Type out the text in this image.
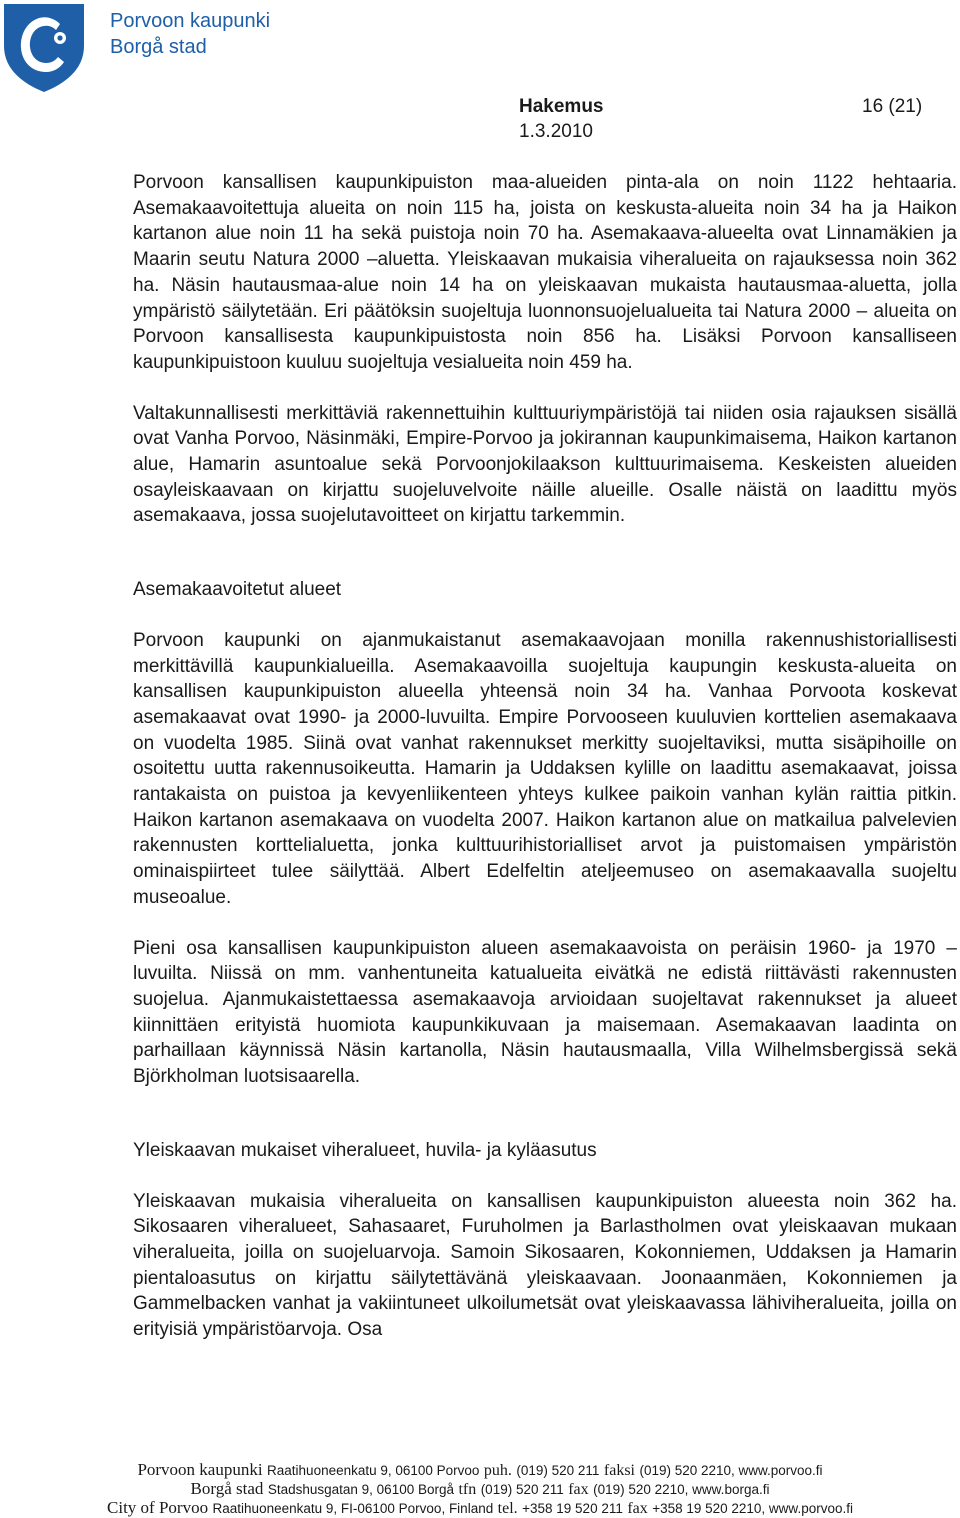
Porvoon kaupunki
Borgå stad
Hakemus	16 (21)
1.3.2010

Porvoon kansallisen kaupunkipuiston maa-alueiden pinta-ala on noin 1122 hehtaaria. Asemakaavoitettuja alueita on noin 115 ha, joista on keskusta-alueita noin 34 ha ja Haikon kartanon alue noin 11 ha sekä puistoja noin 70 ha. Asemakaava-alueelta ovat Linnamäkien ja Maarin seutu Natura 2000 –aluetta. Yleiskaavan mukaisia viheralueita on rajauksessa noin 362 ha. Näsin hautausmaa-alue noin 14 ha on yleiskaavan mukaista hautausmaa-aluetta, jolla ympäristö säilytetään. Eri päätöksin suojeltuja luonnonsuojelualueita tai Natura 2000 – alueita on Porvoon kansallisesta kaupunkipuistosta noin 856 ha. Lisäksi Porvoon kansalliseen kaupunkipuistoon kuuluu suojeltuja vesialueita noin 459 ha.

Valtakunnallisesti merkittäviä rakennettuihin kulttuuriympäristöjä tai niiden osia rajauksen sisällä ovat Vanha Porvoo, Näsinmäki, Empire-Porvoo ja jokirannan kaupunkimaisema, Haikon kartanon alue, Hamarin asuntoalue sekä Porvoonjokilaakson kulttuurimaisema. Keskeisten alueiden osayleiskaavaan on kirjattu suojeluvelvoite näille alueille. Osalle näistä on laadittu myös asemakaava, jossa suojelutavoitteet on kirjattu tarkemmin.

Asemakaavoitetut alueet

Porvoon kaupunki on ajanmukaistanut asemakaavojaan monilla rakennushistoriallisesti merkittävillä kaupunkialueilla. Asemakaavoilla suojeltuja kaupungin keskusta-alueita on kansallisen kaupunkipuiston alueella yhteensä noin 34 ha. Vanhaa Porvoota koskevat asemakaavat ovat 1990- ja 2000-luvuilta. Empire Porvooseen kuuluvien korttelien asemakaava on vuodelta 1985. Siinä ovat vanhat rakennukset merkitty suojeltaviksi, mutta sisäpihoille on osoitettu uutta rakennusoikeutta. Hamarin ja Uddaksen kylille on laadittu asemakaavat, joissa rantakaista on puistoa ja kevyenliikenteen yhteys kulkee paikoin vanhan kylän raittia pitkin. Haikon kartanon asemakaava on vuodelta 2007. Haikon kartanon alue on matkailua palvelevien rakennusten korttelialuetta, jonka kulttuurihistorialliset arvot ja puistomaisen ympäristön ominaispiirteet tulee säilyttää. Albert Edelfeltin ateljeemuseo on asemakaavalla suojeltu museoalue.

Pieni osa kansallisen kaupunkipuiston alueen asemakaavoista on peräisin 1960- ja 1970 – luvuilta. Niissä on mm. vanhentuneita katualueita eivätkä ne edistä riittävästi rakennusten suojelua. Ajanmukaistettaessa asemakaavoja arvioidaan suojeltavat rakennukset ja alueet kiinnittäen erityistä huomiota kaupunkikuvaan ja maisemaan. Asemakaavan laadinta on parhaillaan käynnissä Näsin kartanolla, Näsin hautausmaalla, Villa Wilhelmsbergissä sekä Björkholman luotsisaarella.

Yleiskaavan mukaiset viheralueet, huvila- ja kyläasutus

Yleiskaavan mukaisia viheralueita on kansallisen kaupunkipuiston alueesta noin 362 ha. Sikosaaren viheralueet, Sahasaaret, Furuholmen ja Barlastholmen ovat yleiskaavan mukaan viheralueita, joilla on suojeluarvoja. Samoin Sikosaaren, Kokonniemen, Uddaksen ja Hamarin pientaloasutus on kirjattu säilytettävänä yleiskaavaan. Joonaanmäen, Kokonniemen ja Gammelbacken vanhat ja vakiintuneet ulkoilumetsät ovat yleiskaavassa lähiviheralueita, joilla on erityisiä ympäristöarvoja. Osa

Porvoon kaupunki Raatihuoneenkatu 9, 06100 Porvoo puh. (019) 520 211 faksi (019) 520 2210, www.porvoo.fi
Borgå stad Stadshusgatan 9, 06100 Borgå tfn (019) 520 211 fax (019) 520 2210, www.borga.fi
City of Porvoo Raatihuoneenkatu 9, FI-06100 Porvoo, Finland tel. +358 19 520 211 fax +358 19 520 2210, www.porvoo.fi
